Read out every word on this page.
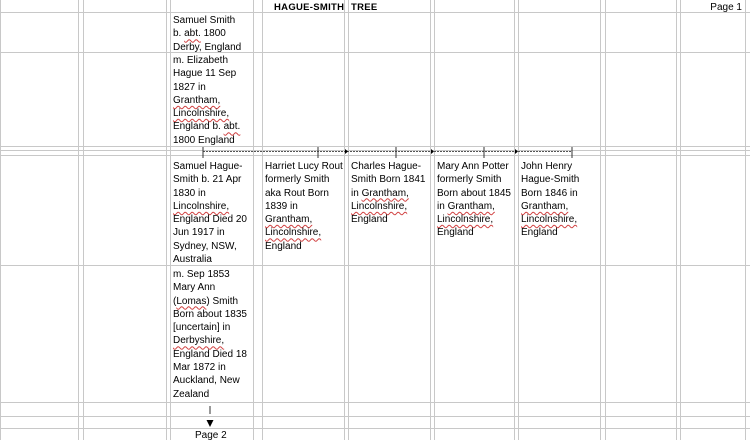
HAGUE-SMITH TREE	Page 1
Samuel Smith
b. abt. 1800
Derby, England
m. Elizabeth
Hague 11 Sep
1827 in
Grantham,
Lincolnshire,
England b. abt.
1800 England
Samuel Hague-
Smith b. 21 Apr
1830 in
Lincolnshire,
England Died 20
Jun 1917 in
Sydney, NSW,
Australia
Harriet Lucy Rout
formerly Smith
aka Rout Born
1839 in
Grantham,
Lincolnshire,
England
Charles Hague-
Smith Born 1841
in Grantham,
Lincolnshire,
England
Mary Ann Potter
formerly Smith
Born about 1845
in Grantham,
Lincolnshire,
England
John Henry
Hague-Smith
Born 1846 in
Grantham,
Lincolnshire,
England
m. Sep 1853
Mary Ann
(Lomas) Smith
Born about 1835
[uncertain] in
Derbyshire,
England Died 18
Mar 1872 in
Auckland, New
Zealand
Page 2
